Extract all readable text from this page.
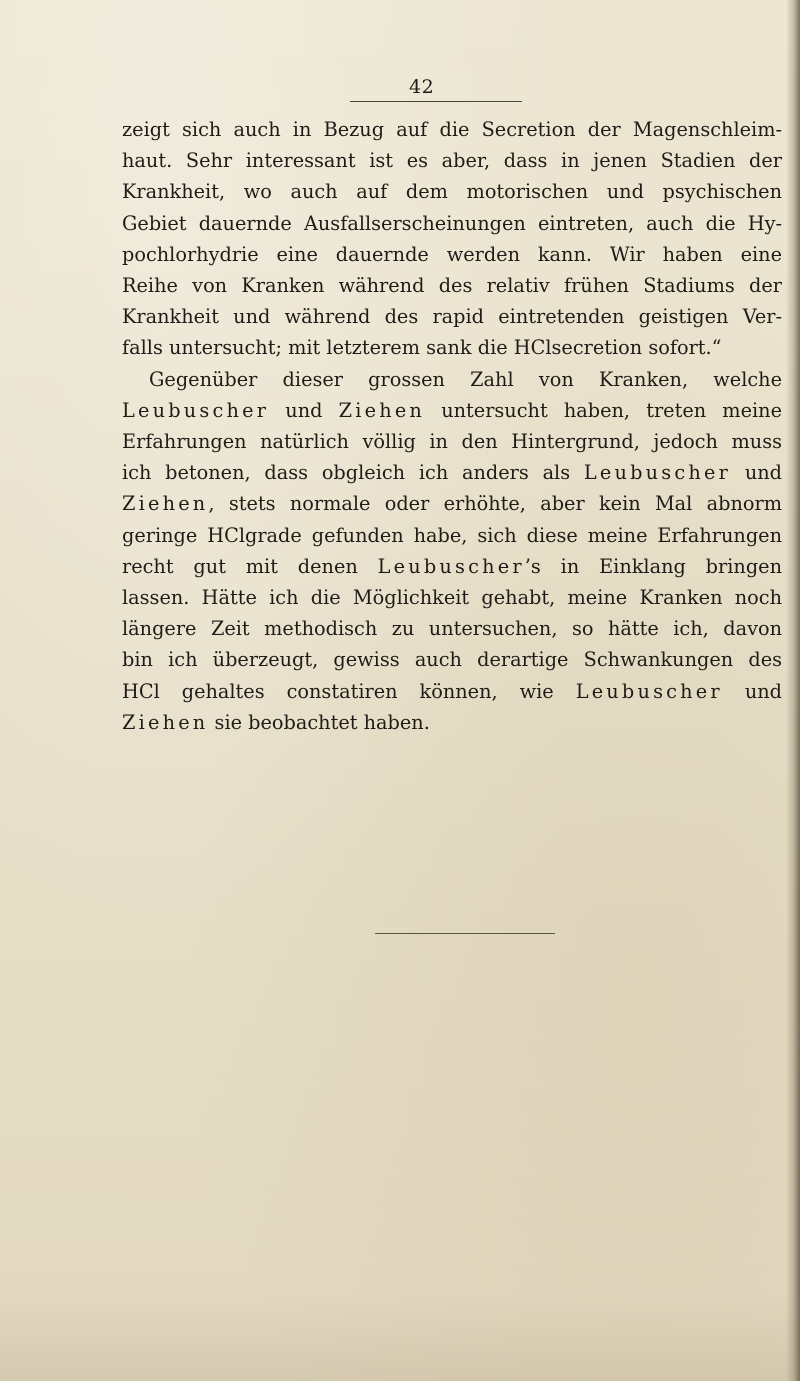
42
zeigt sich auch in Bezug auf die Secretion der Magenschleim-
haut. Sehr interessant ist es aber, dass in jenen Stadien der
Krankheit, wo auch auf dem motorischen und psychischen
Gebiet dauernde Ausfallserscheinungen eintreten, auch die Hy-
pochlorhydrie eine dauernde werden kann. Wir haben eine
Reihe von Kranken während des relativ frühen Stadiums der
Krankheit und während des rapid eintretenden geistigen Ver-
falls untersucht; mit letzterem sank die HClsecretion sofort.“
Gegenüber dieser grossen Zahl von Kranken, welche
Leubuscher und Ziehen untersucht haben, treten meine
Erfahrungen natürlich völlig in den Hintergrund, jedoch muss
ich betonen, dass obgleich ich anders als Leubuscher und
Ziehen, stets normale oder erhöhte, aber kein Mal abnorm
geringe HClgrade gefunden habe, sich diese meine Erfahrungen
recht gut mit denen Leubuscher’s in Einklang bringen
lassen. Hätte ich die Möglichkeit gehabt, meine Kranken noch
längere Zeit methodisch zu untersuchen, so hätte ich, davon
bin ich überzeugt, gewiss auch derartige Schwankungen des
HCl gehaltes constatiren können, wie Leubuscher und
Ziehen sie beobachtet haben.
